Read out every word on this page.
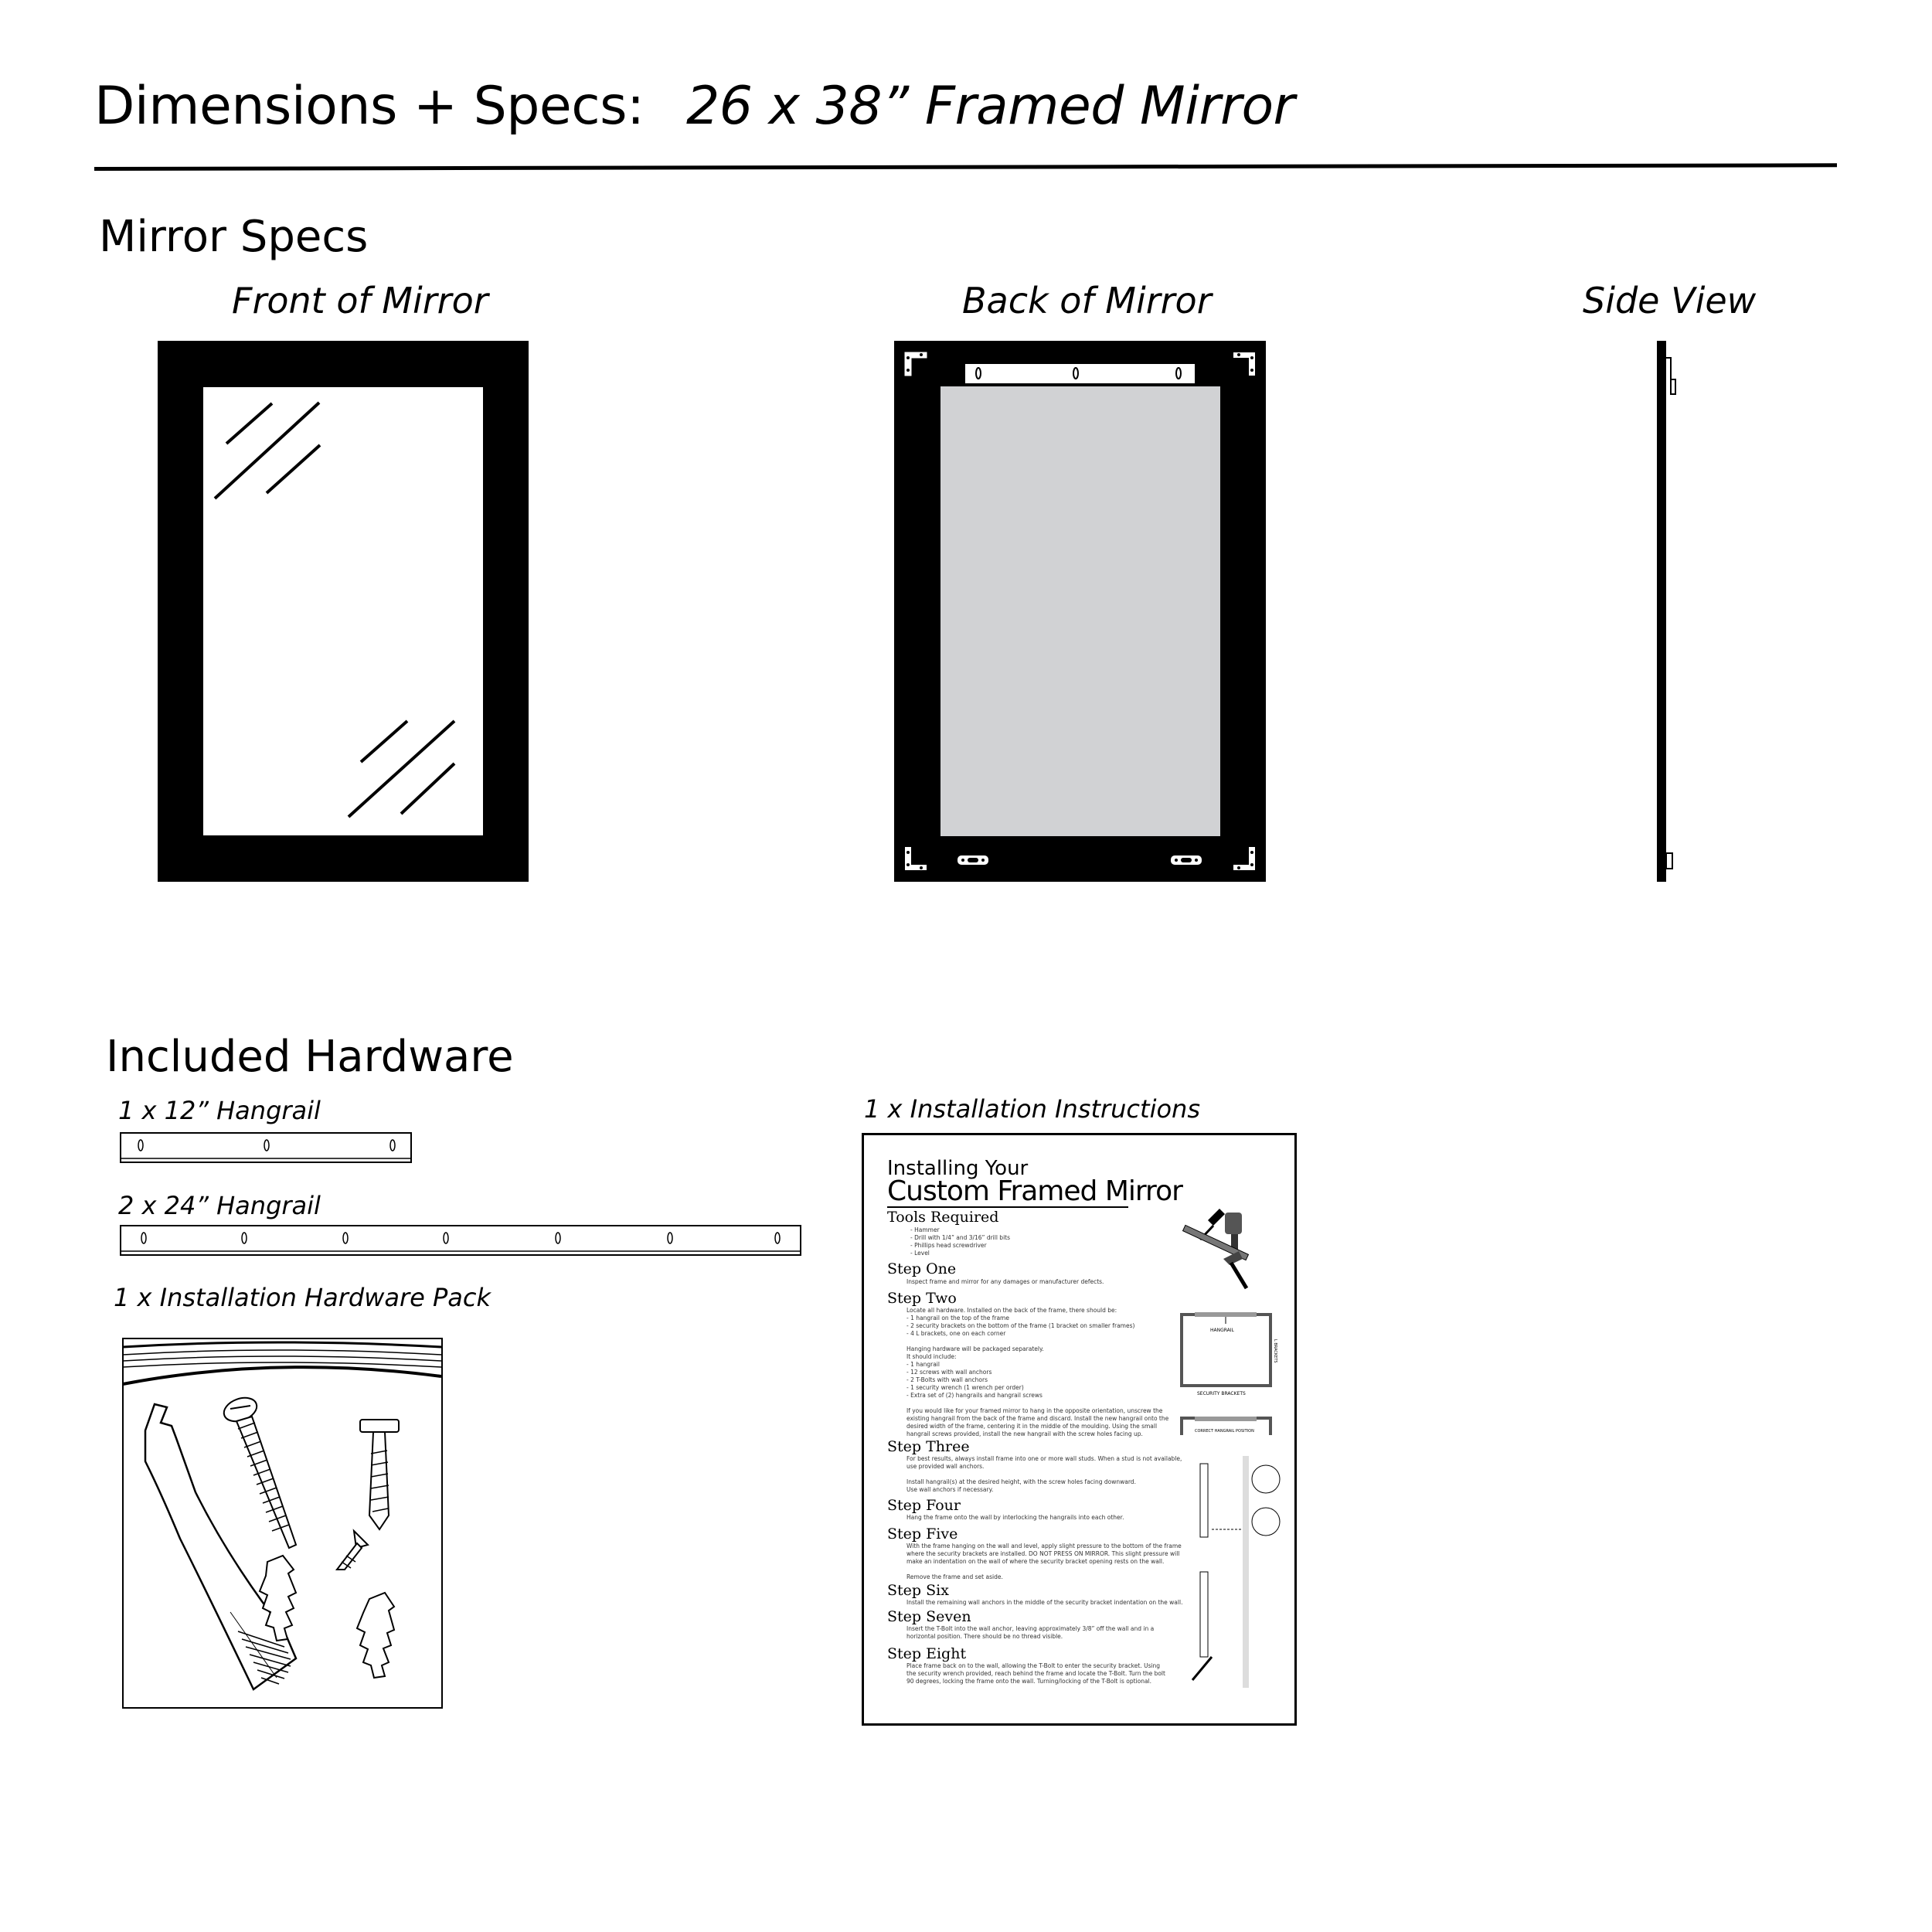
Dimensions + Specs: 26 x 38” Framed Mirror
Mirror Specs
Front of Mirror	Back of Mirror	Side View
Included Hardware
1 x 12” Hangrail
2 x 24” Hangrail
1 x Installation Hardware Pack
1 x Installation Instructions
Installing Your
Custom Framed Mirror
Tools Required
- Hammer
- Drill with 1/4” and 3/16” drill bits
- Phillips head screwdriver
- Level
Step One
Inspect frame and mirror for any damages or manufacturer defects.
Step Two
Locate all hardware. Installed on the back of the frame, there should be:
- 1 hangrail on the top of the frame
- 2 security brackets on the bottom of the frame (1 bracket on smaller frames)
- 4 L brackets, one on each corner

Hanging hardware will be packaged separately.
It should include:
- 1 hangrail
- 12 screws with wall anchors
- 2 T-Bolts with wall anchors
- 1 security wrench (1 wrench per order)
- Extra set of (2) hangrails and hangrail screws

If you would like for your framed mirror to hang in the opposite orientation, unscrew the
existing hangrail from the back of the frame and discard. Install the new hangrail onto the
desired width of the frame, centering it in the middle of the moulding. Using the small
hangrail screws provided, install the new hangrail with the screw holes facing up.
Step Three
For best results, always install frame into one or more wall studs. When a stud is not available,
use provided wall anchors.

Install hangrail(s) at the desired height, with the screw holes facing downward.
Use wall anchors if necessary.
Step Four
Hang the frame onto the wall by interlocking the hangrails into each other.
Step Five
With the frame hanging on the wall and level, apply slight pressure to the bottom of the frame
where the security brackets are installed. DO NOT PRESS ON MIRROR. This slight pressure will
make an indentation on the wall of where the security bracket opening rests on the wall.

Remove the frame and set aside.
Step Six
Install the remaining wall anchors in the middle of the security bracket indentation on the wall.
Step Seven
Insert the T-Bolt into the wall anchor, leaving approximately 3/8” off the wall and in a
horizontal position. There should be no thread visible.
Step Eight
Place frame back on to the wall, allowing the T-Bolt to enter the security bracket. Using
the security wrench provided, reach behind the frame and locate the T-Bolt. Turn the bolt
90 degrees, locking the frame onto the wall. Turning/locking of the T-Bolt is optional.
HANGRAIL
L BRACKETS
SECURITY BRACKETS
CORRECT HANGRAIL POSITION
